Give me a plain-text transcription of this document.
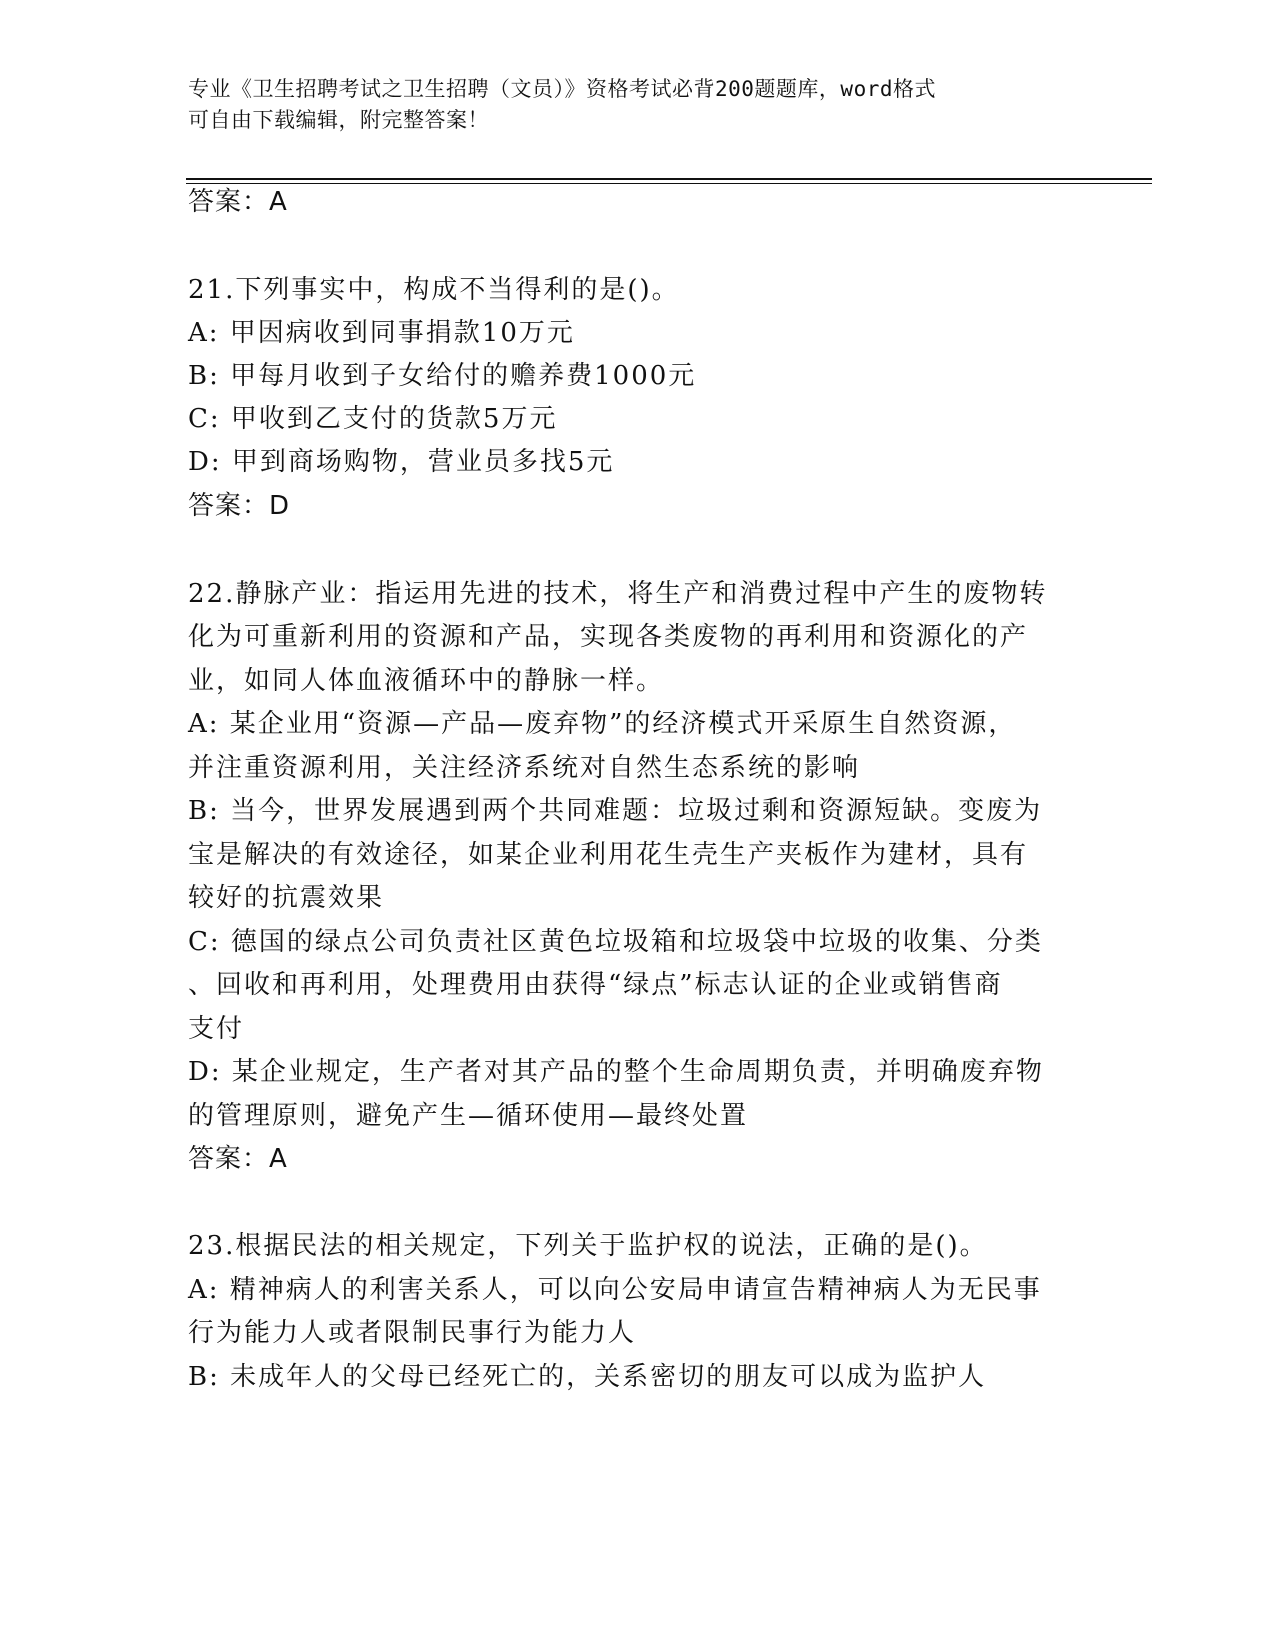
专业《卫生招聘考试之卫生招聘（文员）》资格考试必背200题题库，word格式
可自由下载编辑，附完整答案！
答案：A
21.下列事实中，构成不当得利的是()。
A: 甲因病收到同事捐款10万元
B: 甲每月收到子女给付的赡养费1000元
C: 甲收到乙支付的货款5万元
D: 甲到商场购物，营业员多找5元
答案：D
22.静脉产业：指运用先进的技术，将生产和消费过程中产生的废物转
化为可重新利用的资源和产品，实现各类废物的再利用和资源化的产
业，如同人体血液循环中的静脉一样。
A: 某企业用“资源—产品—废弃物”的经济模式开采原生自然资源，
并注重资源利用，关注经济系统对自然生态系统的影响
B: 当今，世界发展遇到两个共同难题：垃圾过剩和资源短缺。变废为
宝是解决的有效途径，如某企业利用花生壳生产夹板作为建材，具有
较好的抗震效果
C: 德国的绿点公司负责社区黄色垃圾箱和垃圾袋中垃圾的收集、分类
、回收和再利用，处理费用由获得“绿点”标志认证的企业或销售商
支付
D: 某企业规定，生产者对其产品的整个生命周期负责，并明确废弃物
的管理原则，避免产生—循环使用—最终处置
答案：A
23.根据民法的相关规定，下列关于监护权的说法，正确的是()。
A: 精神病人的利害关系人，可以向公安局申请宣告精神病人为无民事
行为能力人或者限制民事行为能力人
B: 未成年人的父母已经死亡的，关系密切的朋友可以成为监护人
